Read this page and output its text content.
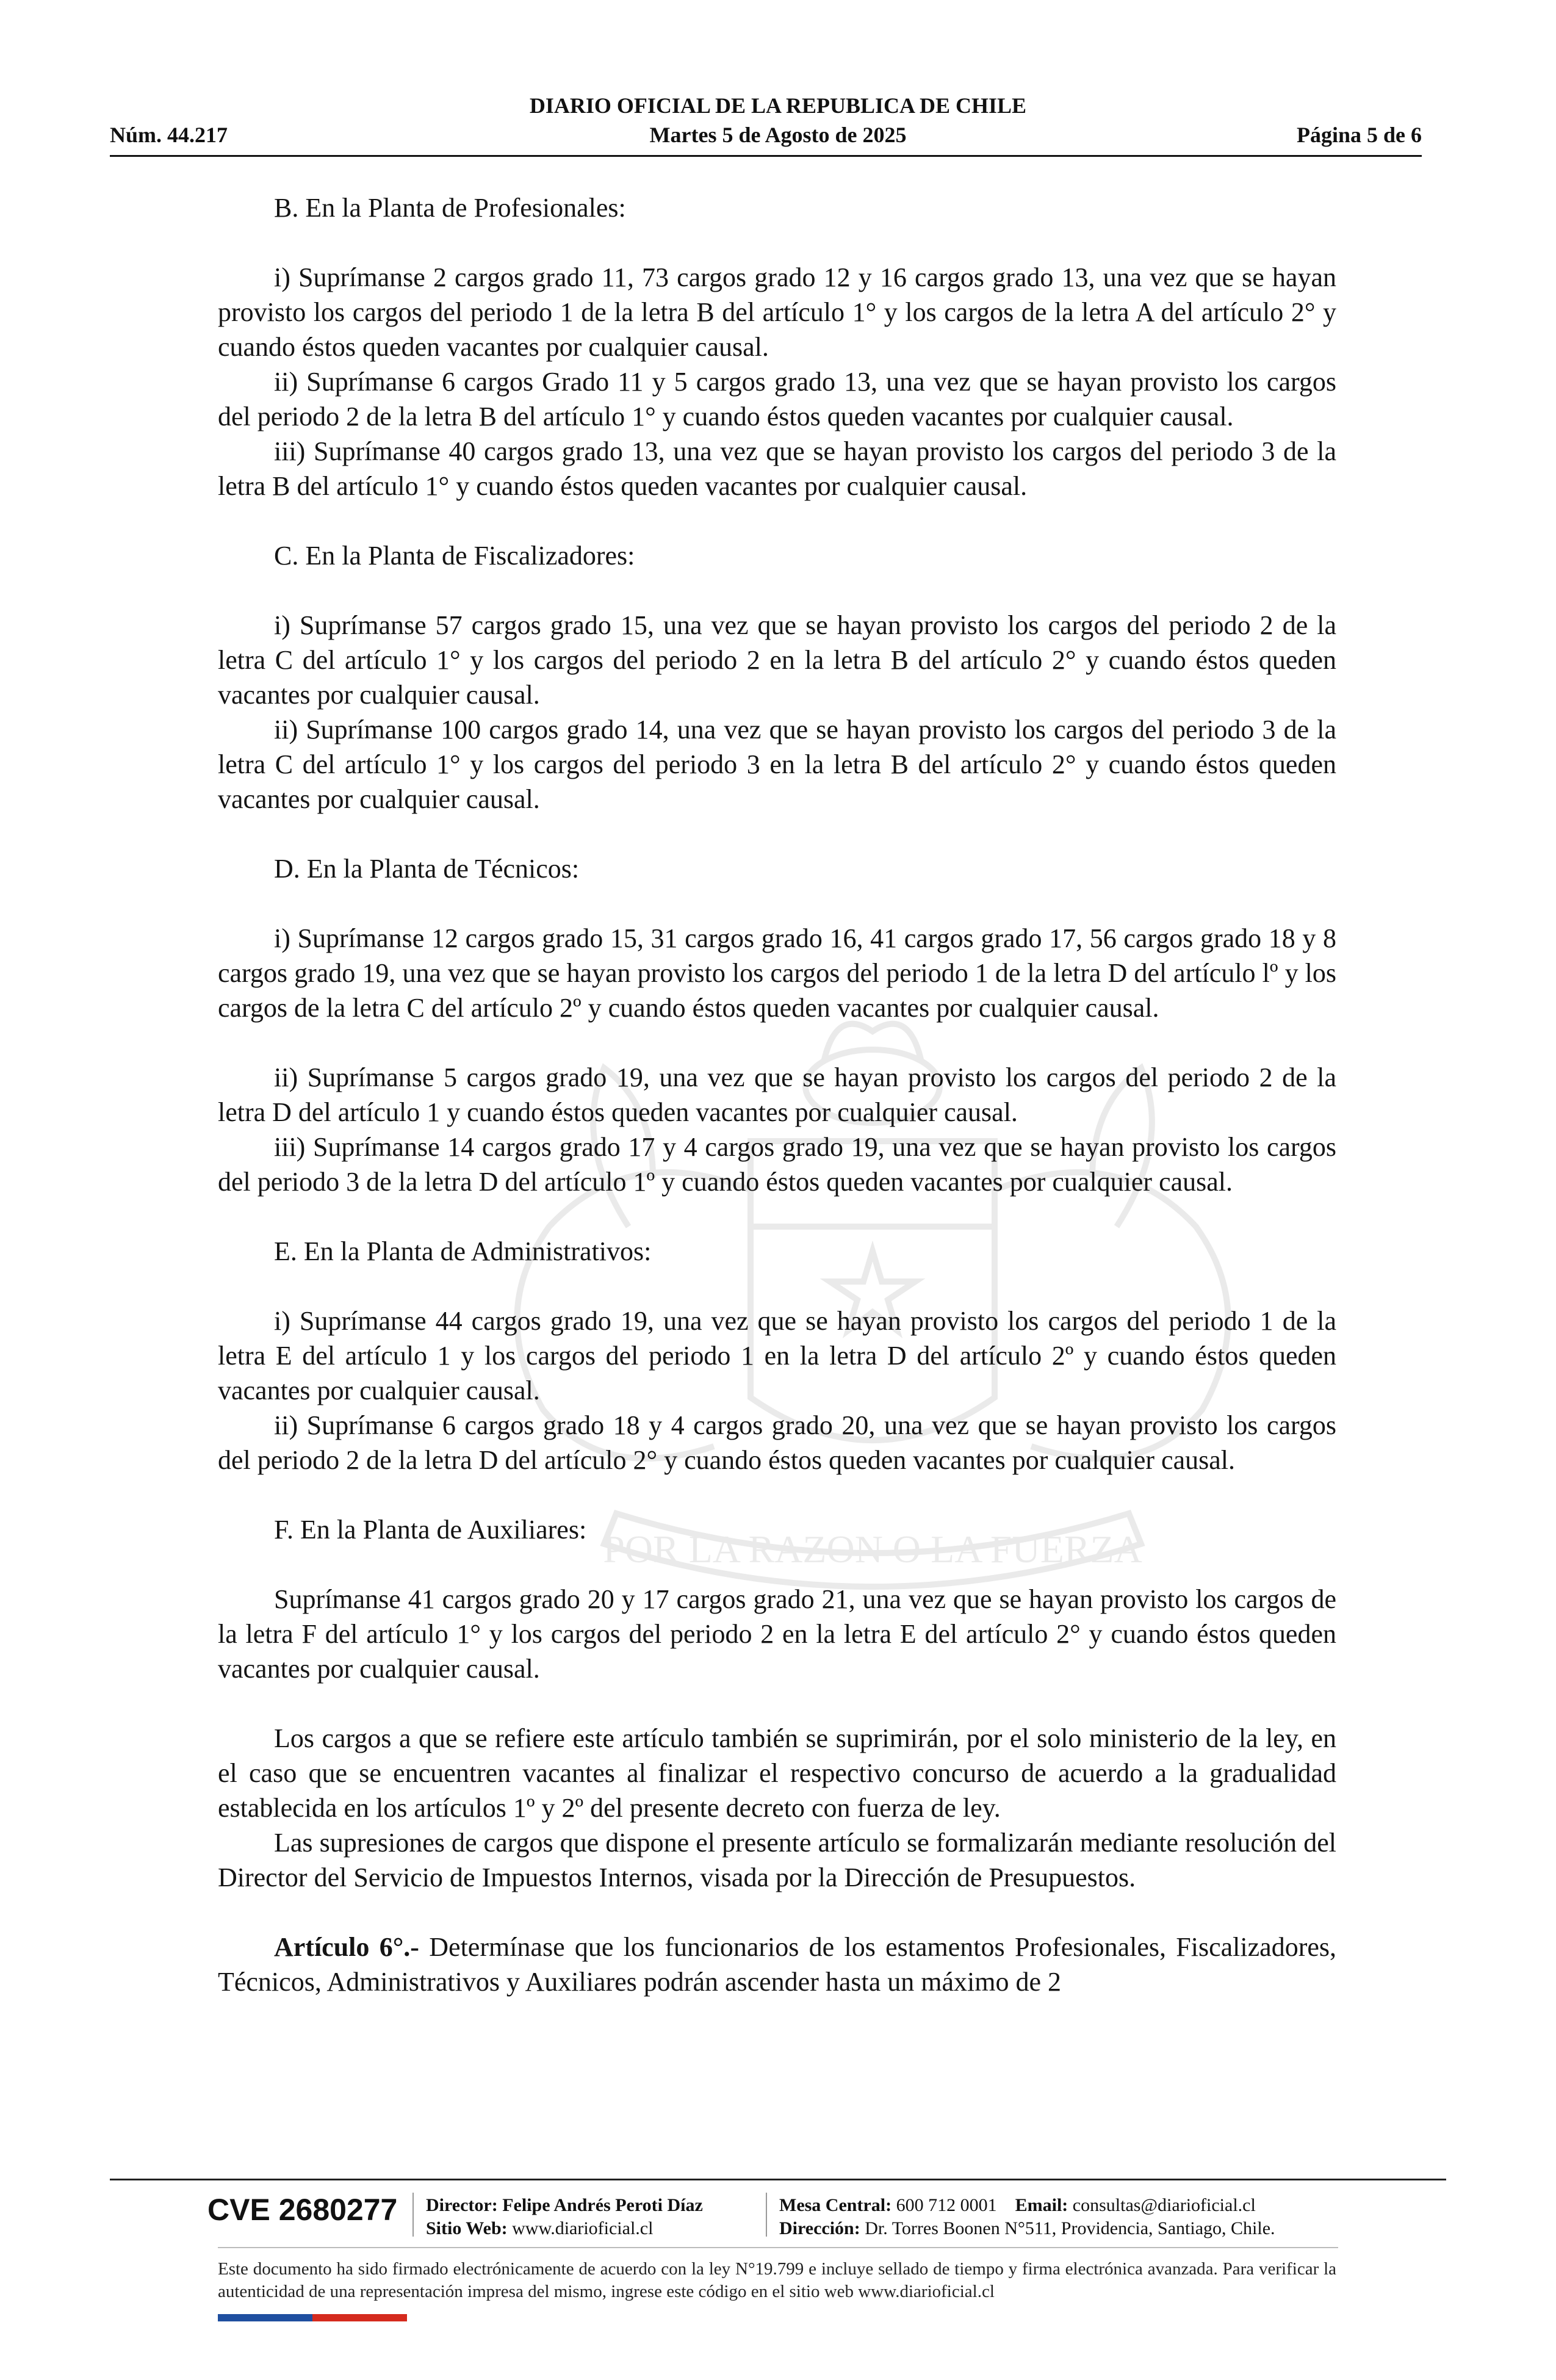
DIARIO OFICIAL DE LA REPUBLICA DE CHILE
Núm. 44.217	Martes 5 de Agosto de 2025	Página 5 de 6
POR LA RAZON O LA FUERZA

B. En la Planta de Profesionales:

i) Suprímanse 2 cargos grado 11, 73 cargos grado 12 y 16 cargos grado 13, una vez que se hayan provisto los cargos del periodo 1 de la letra B del artículo 1° y los cargos de la letra A del artículo 2° y cuando éstos queden vacantes por cualquier causal.

ii) Suprímanse 6 cargos Grado 11 y 5 cargos grado 13, una vez que se hayan provisto los cargos del periodo 2 de la letra B del artículo 1° y cuando éstos queden vacantes por cualquier causal.

iii) Suprímanse 40 cargos grado 13, una vez que se hayan provisto los cargos del periodo 3 de la letra B del artículo 1° y cuando éstos queden vacantes por cualquier causal.

C. En la Planta de Fiscalizadores:

i) Suprímanse 57 cargos grado 15, una vez que se hayan provisto los cargos del periodo 2 de la letra C del artículo 1° y los cargos del periodo 2 en la letra B del artículo 2° y cuando éstos queden vacantes por cualquier causal.

ii) Suprímanse 100 cargos grado 14, una vez que se hayan provisto los cargos del periodo 3 de la letra C del artículo 1° y los cargos del periodo 3 en la letra B del artículo 2° y cuando éstos queden vacantes por cualquier causal.

D. En la Planta de Técnicos:

i) Suprímanse 12 cargos grado 15, 31 cargos grado 16, 41 cargos grado 17, 56 cargos grado 18 y 8 cargos grado 19, una vez que se hayan provisto los cargos del periodo 1 de la letra D del artículo lº y los cargos de la letra C del artículo 2º y cuando éstos queden vacantes por cualquier causal.

ii) Suprímanse 5 cargos grado 19, una vez que se hayan provisto los cargos del periodo 2 de la letra D del artículo 1 y cuando éstos queden vacantes por cualquier causal.

iii) Suprímanse 14 cargos grado 17 y 4 cargos grado 19, una vez que se hayan provisto los cargos del periodo 3 de la letra D del artículo 1º y cuando éstos queden vacantes por cualquier causal.

E. En la Planta de Administrativos:

i) Suprímanse 44 cargos grado 19, una vez que se hayan provisto los cargos del periodo 1 de la letra E del artículo 1 y los cargos del periodo 1 en la letra D del artículo 2º y cuando éstos queden vacantes por cualquier causal.

ii) Suprímanse 6 cargos grado 18 y 4 cargos grado 20, una vez que se hayan provisto los cargos del periodo 2 de la letra D del artículo 2° y cuando éstos queden vacantes por cualquier causal.

F. En la Planta de Auxiliares:

Suprímanse 41 cargos grado 20 y 17 cargos grado 21, una vez que se hayan provisto los cargos de la letra F del artículo 1° y los cargos del periodo 2 en la letra E del artículo 2° y cuando éstos queden vacantes por cualquier causal.

Los cargos a que se refiere este artículo también se suprimirán, por el solo ministerio de la ley, en el caso que se encuentren vacantes al finalizar el respectivo concurso de acuerdo a la gradualidad establecida en los artículos 1º y 2º del presente decreto con fuerza de ley.

Las supresiones de cargos que dispone el presente artículo se formalizarán mediante resolución del Director del Servicio de Impuestos Internos, visada por la Dirección de Presupuestos.

Artículo 6°.- Determínase que los funcionarios de los estamentos Profesionales, Fiscalizadores, Técnicos, Administrativos y Auxiliares podrán ascender hasta un máximo de 2

CVE 2680277 Director: Felipe Andrés Peroti Díaz
Sitio Web: www.diarioficial.cl
Mesa Central: 600 712 0001 Email: consultas@diarioficial.cl
Dirección: Dr. Torres Boonen N°511, Providencia, Santiago, Chile.
Este documento ha sido firmado electrónicamente de acuerdo con la ley N°19.799 e incluye sellado de tiempo y firma electrónica avanzada. Para verificar la autenticidad de una representación impresa del mismo, ingrese este código en el sitio web www.diarioficial.cl
